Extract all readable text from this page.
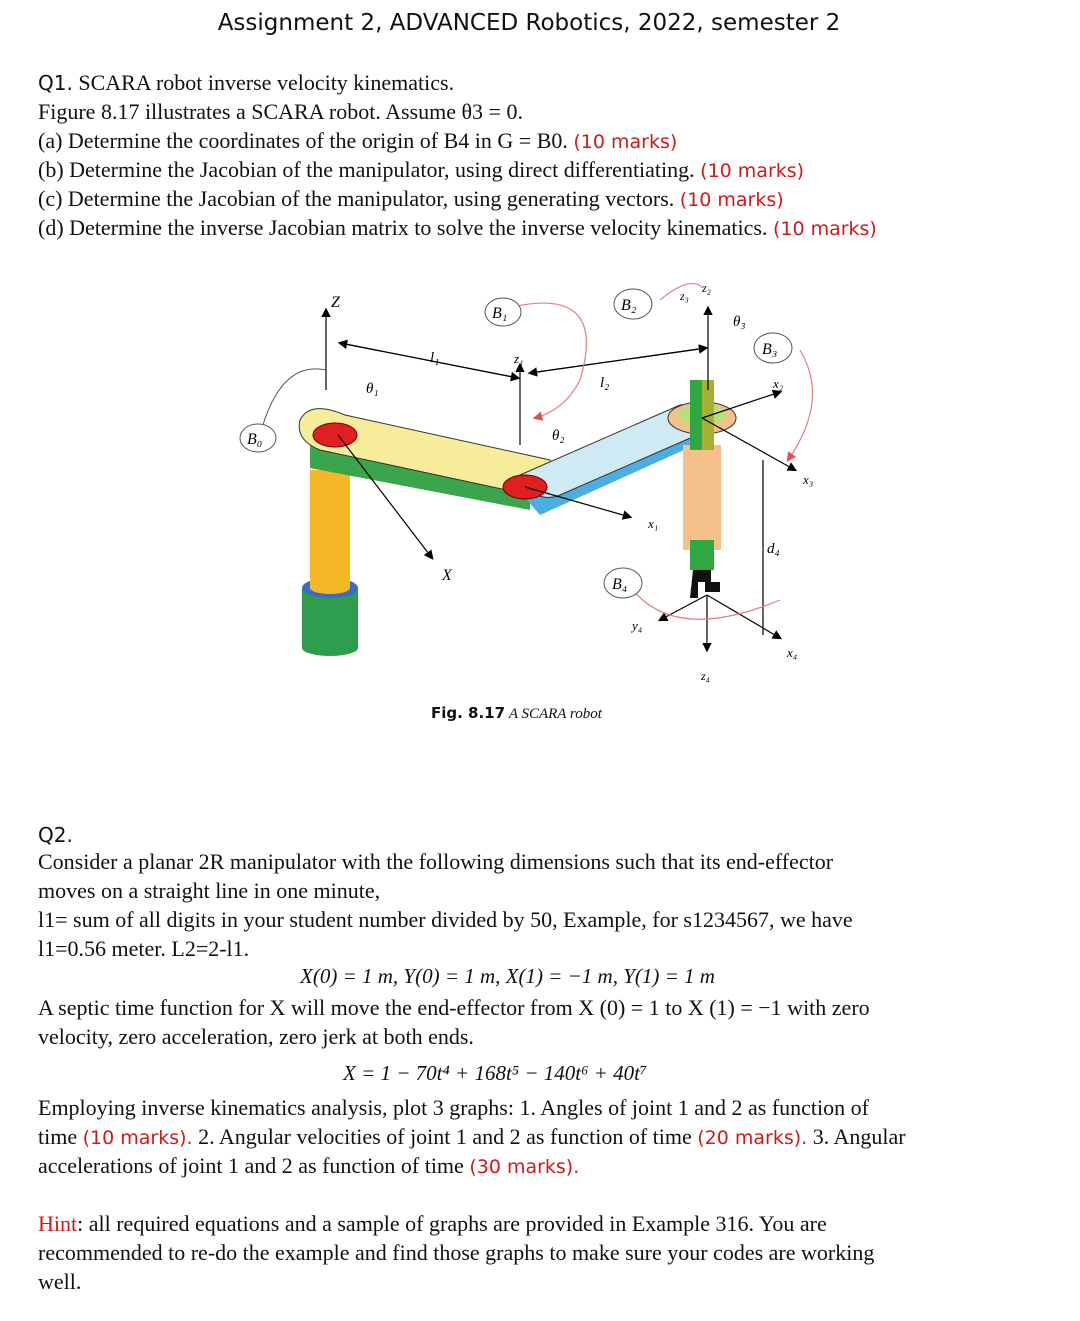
Assignment 2, ADVANCED Robotics, 2022, semester 2
Q1. SCARA robot inverse velocity kinematics.
Figure 8.17 illustrates a SCARA robot. Assume θ3 = 0.
(a) Determine the coordinates of the origin of B4 in G = B0. (10 marks)
(b) Determine the Jacobian of the manipulator, using direct differentiating. (10 marks)
(c) Determine the Jacobian of the manipulator, using generating vectors. (10 marks)
(d) Determine the inverse Jacobian matrix to solve the inverse velocity kinematics. (10 marks)
B₀
B₁	B₂
B₃
B₄
Z
X
z₁
z₂
z₃
z₄
x₁
x₂
x₃
x₄
y₄
l₁
l₂
d₄
θ₁
θ₂
θ₃
Fig. 8.17 A SCARA robot
Q2.
Consider a planar 2R manipulator with the following dimensions such that its end-effector
moves on a straight line in one minute,
l1= sum of all digits in your student number divided by 50, Example, for s1234567, we have
l1=0.56 meter. L2=2-l1.
X(0) = 1 m, Y(0) = 1 m, X(1) = −1 m, Y(1) = 1 m
A septic time function for X will move the end-effector from X (0) = 1 to X (1) = −1 with zero
velocity, zero acceleration, zero jerk at both ends.
X = 1 − 70t⁴ + 168t⁵ − 140t⁶ + 40t⁷
Employing inverse kinematics analysis, plot 3 graphs: 1. Angles of joint 1 and 2 as function of
time (10 marks). 2. Angular velocities of joint 1 and 2 as function of time (20 marks). 3. Angular
accelerations of joint 1 and 2 as function of time (30 marks).
Hint: all required equations and a sample of graphs are provided in Example 316. You are
recommended to re-do the example and find those graphs to make sure your codes are working
well.
